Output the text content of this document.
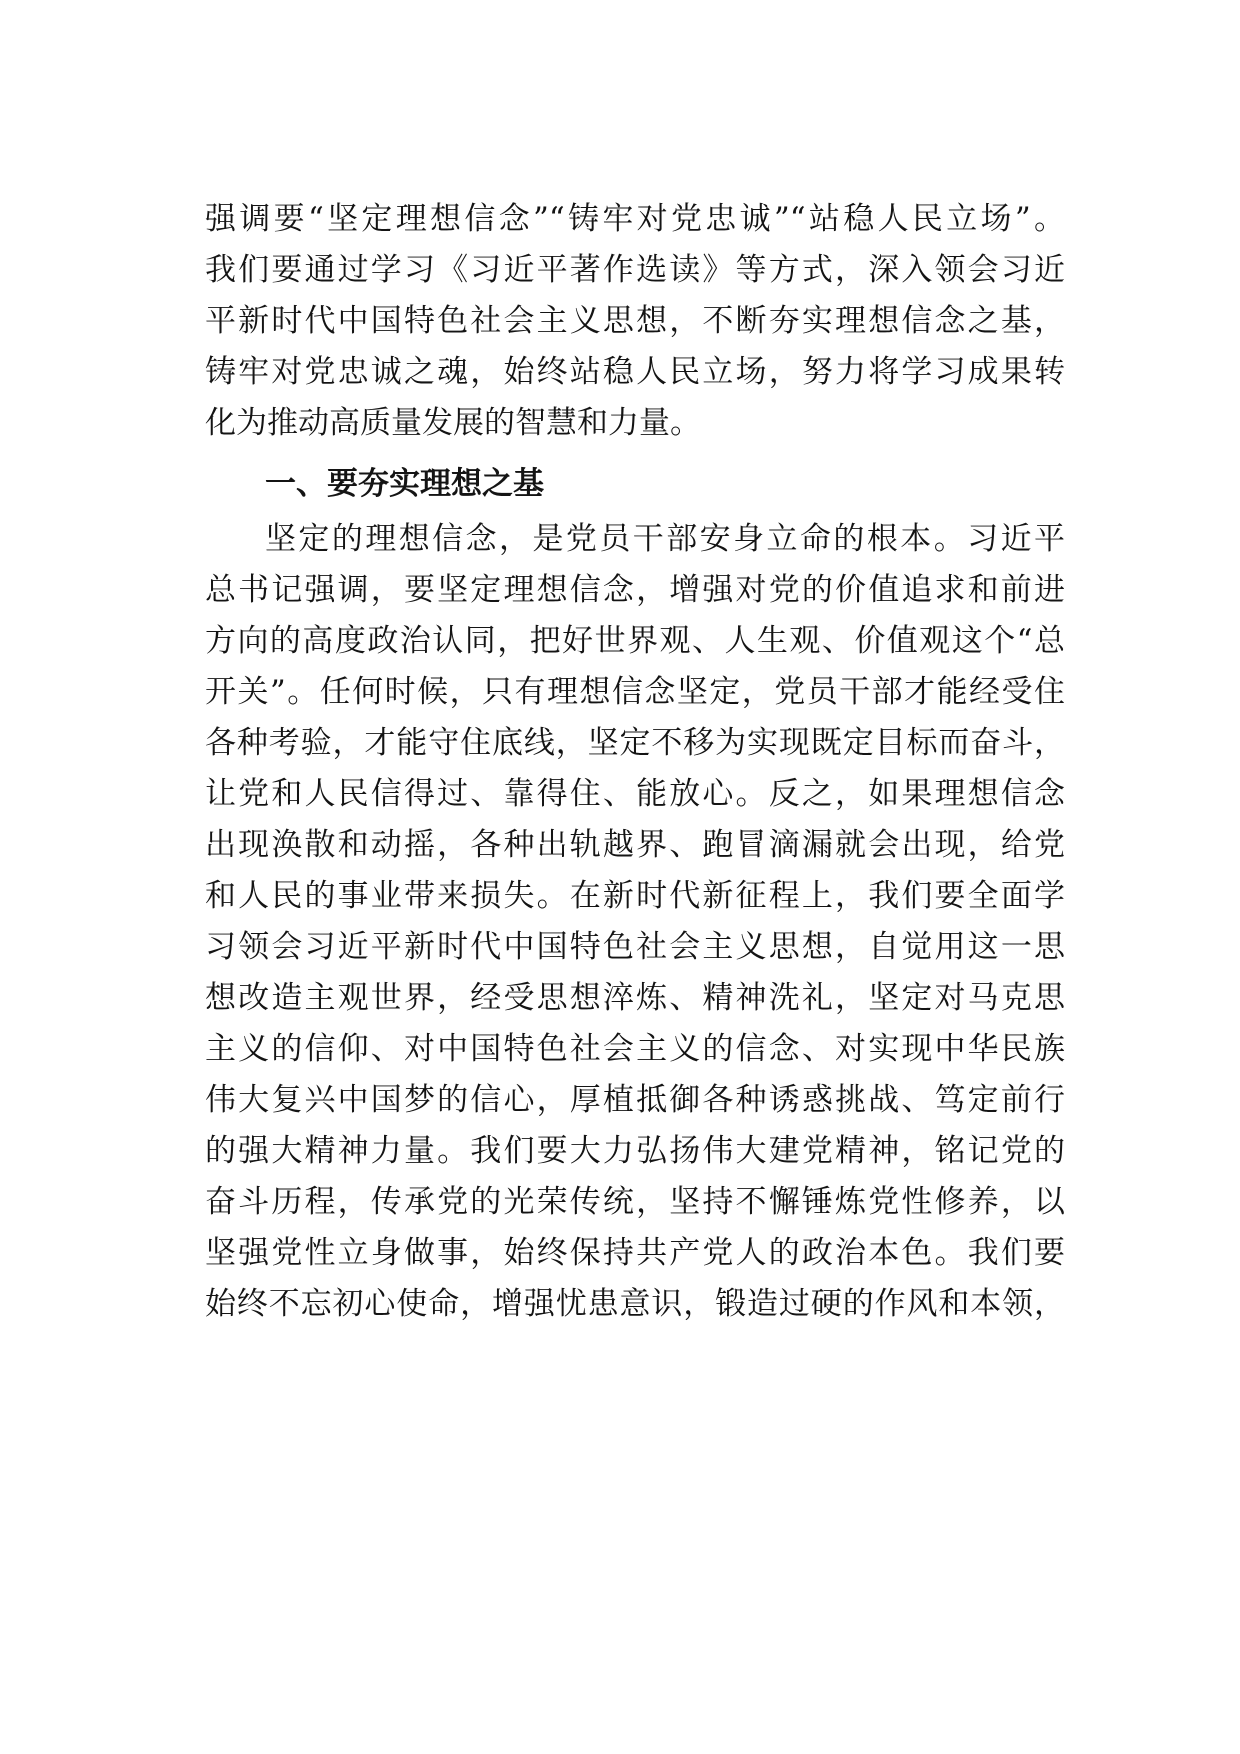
强调要“坚定理想信念”“铸牢对党忠诚”“站稳人民立场”。
我们要通过学习《习近平著作选读》等方式，深入领会习近
平新时代中国特色社会主义思想，不断夯实理想信念之基，
铸牢对党忠诚之魂，始终站稳人民立场，努力将学习成果转
化为推动高质量发展的智慧和力量。
一、要夯实理想之基
坚定的理想信念，是党员干部安身立命的根本。习近平
总书记强调，要坚定理想信念，增强对党的价值追求和前进
方向的高度政治认同，把好世界观、人生观、价值观这个“总
开关”。任何时候，只有理想信念坚定，党员干部才能经受住
各种考验，才能守住底线，坚定不移为实现既定目标而奋斗，
让党和人民信得过、靠得住、能放心。反之，如果理想信念
出现涣散和动摇，各种出轨越界、跑冒滴漏就会出现，给党
和人民的事业带来损失。在新时代新征程上，我们要全面学
习领会习近平新时代中国特色社会主义思想，自觉用这一思
想改造主观世界，经受思想淬炼、精神洗礼，坚定对马克思
主义的信仰、对中国特色社会主义的信念、对实现中华民族
伟大复兴中国梦的信心，厚植抵御各种诱惑挑战、笃定前行
的强大精神力量。我们要大力弘扬伟大建党精神，铭记党的
奋斗历程，传承党的光荣传统，坚持不懈锤炼党性修养，以
坚强党性立身做事，始终保持共产党人的政治本色。我们要
始终不忘初心使命，增强忧患意识，锻造过硬的作风和本领，
